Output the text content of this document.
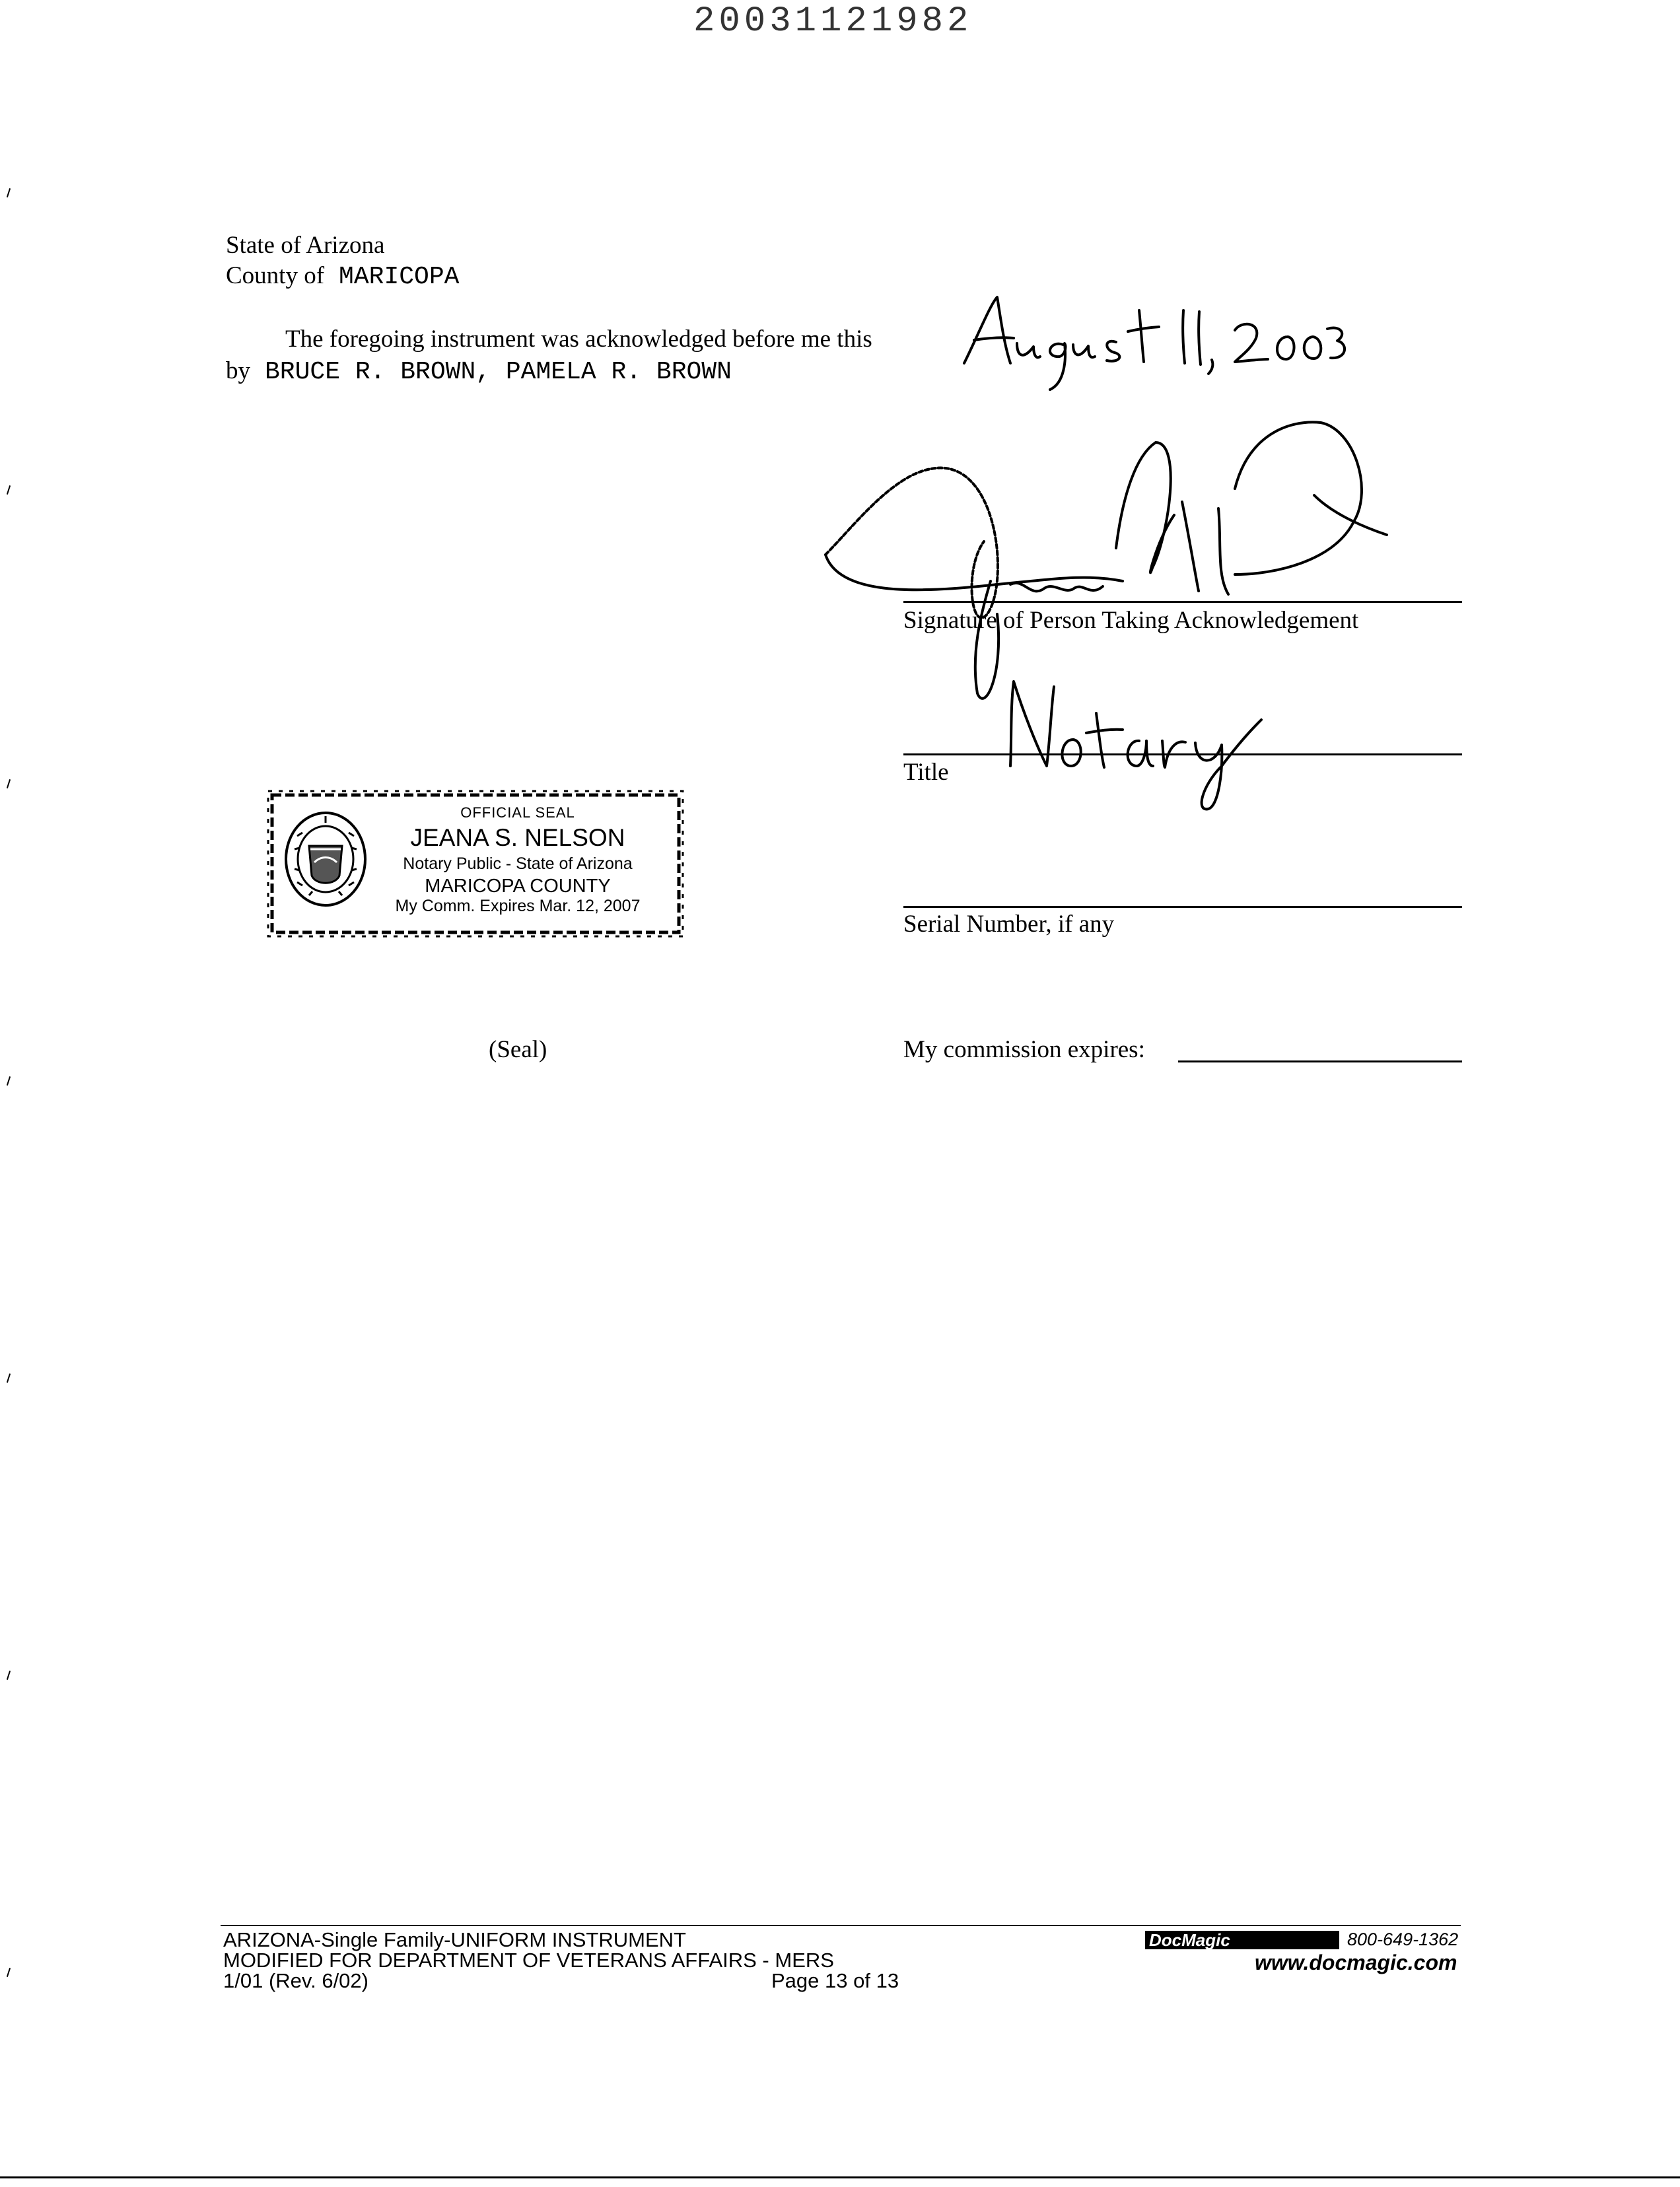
20031121982
State of Arizona
County of MARICOPA
The foregoing instrument was acknowledged before me this
by BRUCE R. BROWN, PAMELA R. BROWN
Signature of Person Taking Acknowledgement
Title
Serial Number, if any
My commission expires:
OFFICIAL SEAL
JEANA S. NELSON
Notary Public - State of Arizona
MARICOPA COUNTY
My Comm. Expires Mar. 12, 2007
(Seal)
ARIZONA-Single Family-UNIFORM INSTRUMENT
MODIFIED FOR DEPARTMENT OF VETERANS AFFAIRS - MERS
1/01 (Rev. 6/02)	Page 13 of 13
DocMagic	800-649-1362
www.docmagic.com
